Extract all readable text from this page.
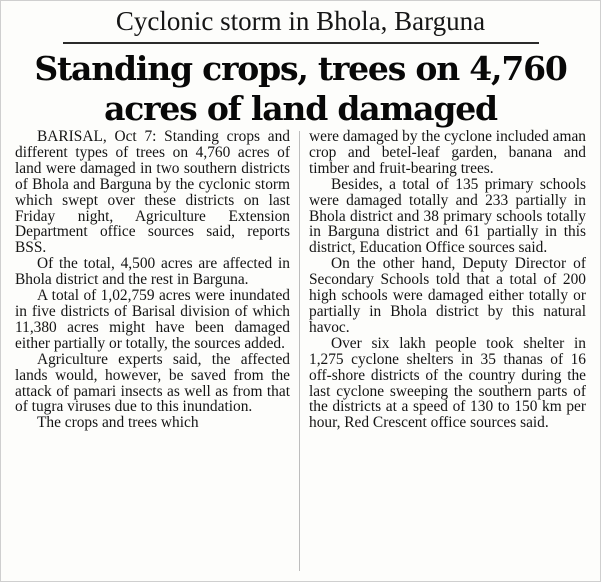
Cyclonic storm in Bhola, Barguna
Standing crops, trees on 4,760
acres of land damaged

BARISAL, Oct 7: Standing crops and different types of trees on 4,760 acres of land were damaged in two southern districts of Bhola and Barguna by the cyclonic storm which swept over these districts on last Friday night, Agriculture Extension Department office sources said, reports BSS.

Of the total, 4,500 acres are affected in Bhola district and the rest in Barguna.

A total of 1,02,759 acres were inundated in five districts of Barisal division of which 11,380 acres might have been damaged either partially or totally, the sources added.

Agriculture experts said, the affected lands would, however, be saved from the attack of pamari insects as well as from that of tugra viruses due to this inundation.

The crops and trees which

were damaged by the cyclone included aman crop and betel-leaf garden, banana and timber and fruit-bearing trees.

Besides, a total of 135 primary schools were damaged totally and 233 partially in Bhola district and 38 primary schools totally in Barguna district and 61 partially in this district, Education Office sources said.

On the other hand, Deputy Director of Secondary Schools told that a total of 200 high schools were damaged either totally or partially in Bhola district by this natural havoc.

Over six lakh people took shelter in 1,275 cyclone shelters in 35 thanas of 16 off-shore districts of the country during the last cyclone sweeping the southern parts of the districts at a speed of 130 to 150 km per hour, Red Crescent office sources said.
